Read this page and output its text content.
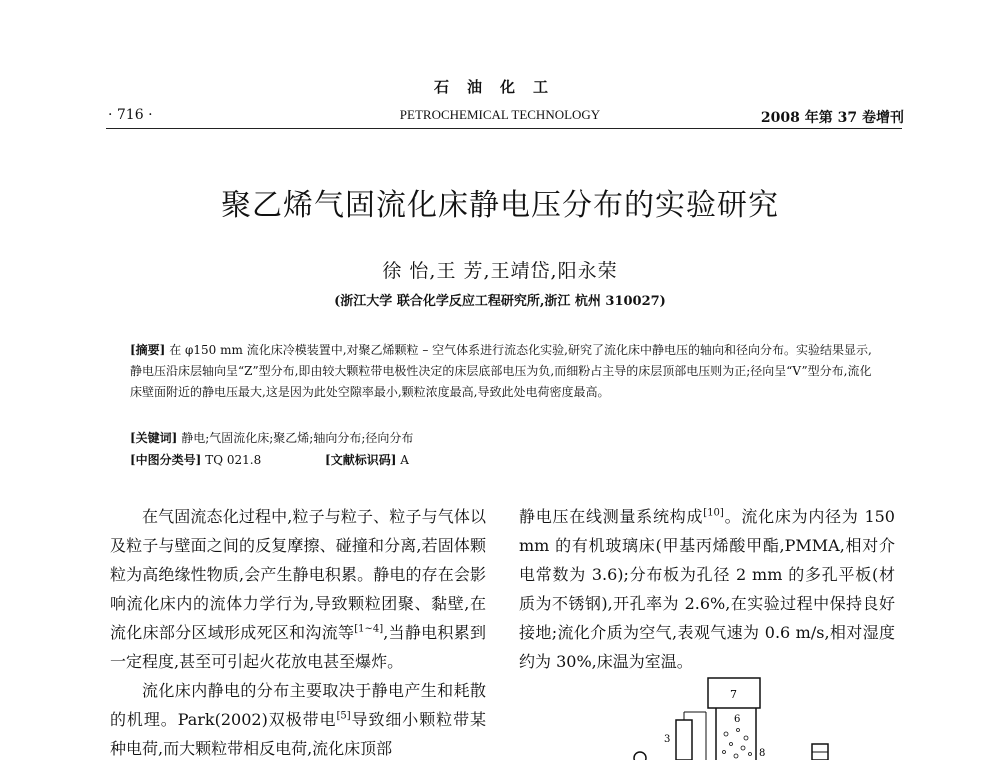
石油化工
· 716 ·	PETROCHEMICAL TECHNOLOGY	2008 年第 37 卷增刊
聚乙烯气固流化床静电压分布的实验研究
徐 怡,王 芳,王靖岱,阳永荣
(浙江大学 联合化学反应工程研究所,浙江 杭州 310027)
[摘要] 在 φ150 mm 流化床冷模装置中,对聚乙烯颗粒 – 空气体系进行流态化实验,研究了流化床中静电压的轴向和径向分布。实验结果显示,静电压沿床层轴向呈“Z”型分布,即由较大颗粒带电极性决定的床层底部电压为负,而细粉占主导的床层顶部电压则为正;径向呈“V”型分布,流化床壁面附近的静电压最大,这是因为此处空隙率最小,颗粒浓度最高,导致此处电荷密度最高。
[关键词] 静电;气固流化床;聚乙烯;轴向分布;径向分布
[中图分类号] TQ 021.8	[文献标识码] A

在气固流态化过程中,粒子与粒子、粒子与气体以及粒子与壁面之间的反复摩擦、碰撞和分离,若固体颗粒为高绝缘性物质,会产生静电积累。静电的存在会影响流化床内的流体力学行为,导致颗粒团聚、黏壁,在流化床部分区域形成死区和沟流等[1~4],当静电积累到一定程度,甚至可引起火花放电甚至爆炸。

流化床内静电的分布主要取决于静电产生和耗散的机理。Park(2002)双极带电[5]导致细小颗粒带某种电荷,而大颗粒带相反电荷,流化床顶部

静电压在线测量系统构成[10]。流化床为内径为 150 mm 的有机玻璃床(甲基丙烯酸甲酯,PMMA,相对介电常数为 3.6);分布板为孔径 2 mm 的多孔平板(材质为不锈钢),开孔率为 2.6%,在实验过程中保持良好接地;流化介质为空气,表观气速为 0.6 m/s,相对湿度约为 30%,床温为室温。

7
6
3
8
